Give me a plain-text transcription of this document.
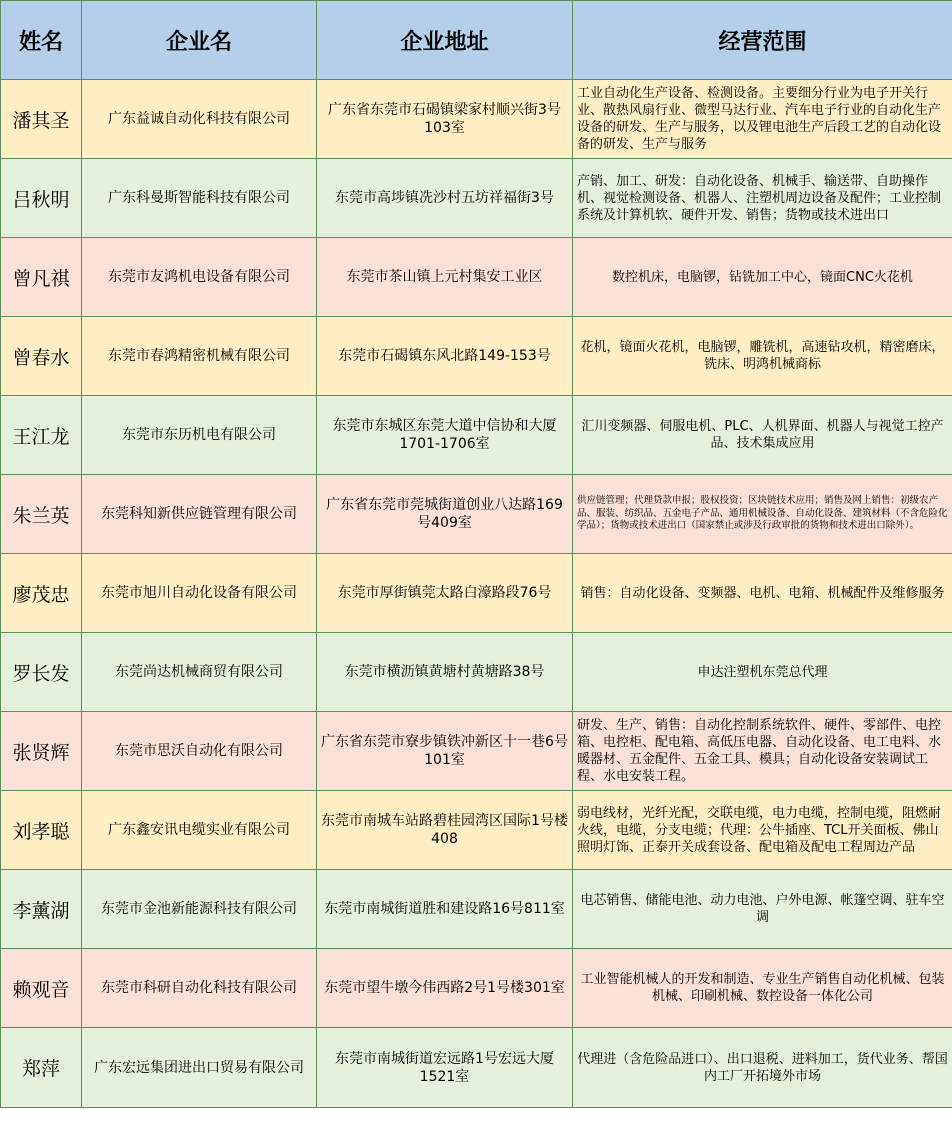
姓名	企业名	企业地址	经营范围
潘其圣	广东益诚自动化科技有限公司	广东省东莞市石碣镇梁家村顺兴街3号103室	工业自动化生产设备、检测设备。主要细分行业为电子开关行业、散热风扇行业、微型马达行业、汽车电子行业的自动化生产设备的研发、生产与服务，以及锂电池生产后段工艺的自动化设备的研发、生产与服务
吕秋明	广东科曼斯智能科技有限公司	东莞市高埗镇冼沙村五坊祥福街3号	产销、加工、研发：自动化设备、机械手、输送带、自助操作机、视觉检测设备、机器人、注塑机周边设备及配件；工业控制系统及计算机软、硬件开发、销售；货物或技术进出口
曾凡祺	东莞市友鸿机电设备有限公司	东莞市茶山镇上元村集安工业区	数控机床，电脑锣，钻铣加工中心，镜面CNC火花机
曾春水	东莞市春鸿精密机械有限公司	东莞市石碣镇东风北路149-153号	花机，镜面火花机，电脑锣，雕铣机，高速钻攻机，精密磨床，铣床、明鸿机械商标
王江龙	东莞市东历机电有限公司	东莞市东城区东莞大道中信协和大厦1701-1706室	汇川变频器、伺服电机、PLC、人机界面、机器人与视觉工控产品、技术集成应用
朱兰英	东莞科知新供应链管理有限公司	广东省东莞市莞城街道创业八达路169号409室	供应链管理；代理贷款申报；股权投资；区块链技术应用；销售及网上销售：初级农产品、服装、纺织品、五金电子产品、通用机械设备、自动化设备、建筑材料（不含危险化学品）；货物或技术进出口（国家禁止或涉及行政审批的货物和技术进出口除外）。
廖茂忠	东莞市旭川自动化设备有限公司	东莞市厚街镇莞太路白濠路段76号	销售：自动化设备、变频器、电机、电箱、机械配件及维修服务
罗长发	东莞尚达机械商贸有限公司	东莞市横沥镇黄塘村黄塘路38号	申达注塑机东莞总代理
张贤辉	东莞市思沃自动化有限公司	广东省东莞市寮步镇铁冲新区十一巷6号101室	研发、生产、销售：自动化控制系统软件、硬件、零部件、电控箱、电控柜、配电箱、高低压电器、自动化设备、电工电料、水暖器材、五金配件、五金工具、模具；自动化设备安装调试工程、水电安装工程。
刘孝聪	广东鑫安讯电缆实业有限公司	东莞市南城车站路碧桂园湾区国际1号楼408	弱电线材，光纤光配，交联电缆，电力电缆，控制电缆，阻燃耐火线，电缆，分支电缆；代理：公牛插座、TCL开关面板、佛山照明灯饰、正泰开关成套设备、配电箱及配电工程周边产品
李薰湖	东莞市金池新能源科技有限公司	东莞市南城街道胜和建设路16号811室	电芯销售、储能电池、动力电池、户外电源、帐篷空调、驻车空调
赖观音	东莞市科研自动化科技有限公司	东莞市望牛墩今伟西路2号1号楼301室	工业智能机械人的开发和制造、专业生产销售自动化机械、包装机械、印刷机械、数控设备一体化公司
郑萍	广东宏远集团进出口贸易有限公司	东莞市南城街道宏远路1号宏远大厦1521室	代理进（含危险品进口）、出口退税、进料加工，货代业务、帮国内工厂开拓境外市场
